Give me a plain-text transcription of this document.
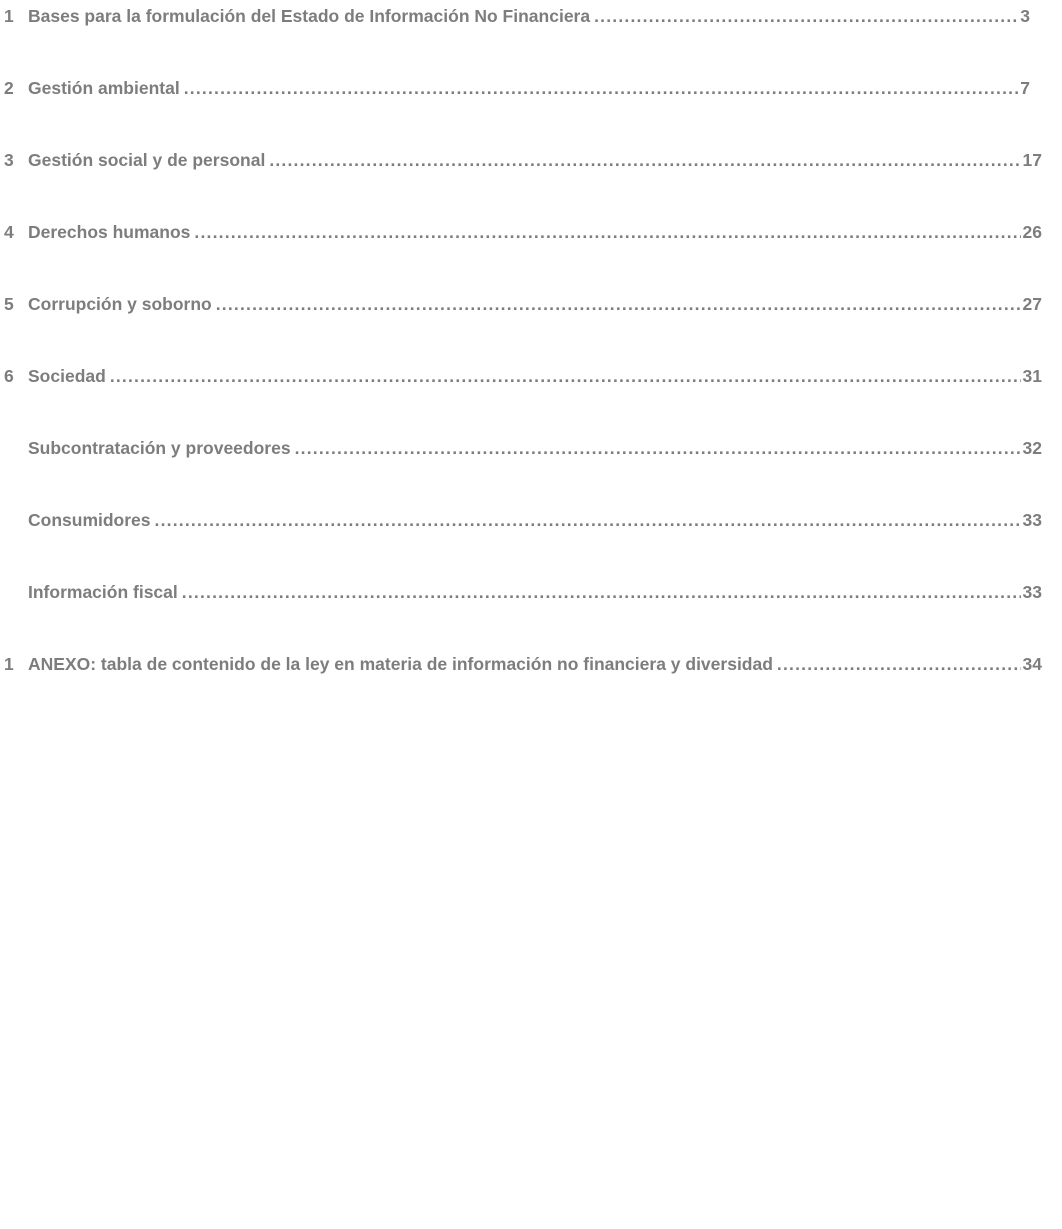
1 Bases para la formulación del Estado de Información No Financiera .....	3
2 Gestión ambiental .....	7
3 Gestión social y de personal .....	17
4 Derechos humanos .....	26
5 Corrupción y soborno .....	27
6 Sociedad .....	31
Subcontratación y proveedores .....	32
Consumidores .....	33
Información fiscal .....	33
1 ANEXO: tabla de contenido de la ley en materia de información no financiera y diversidad .....	34
